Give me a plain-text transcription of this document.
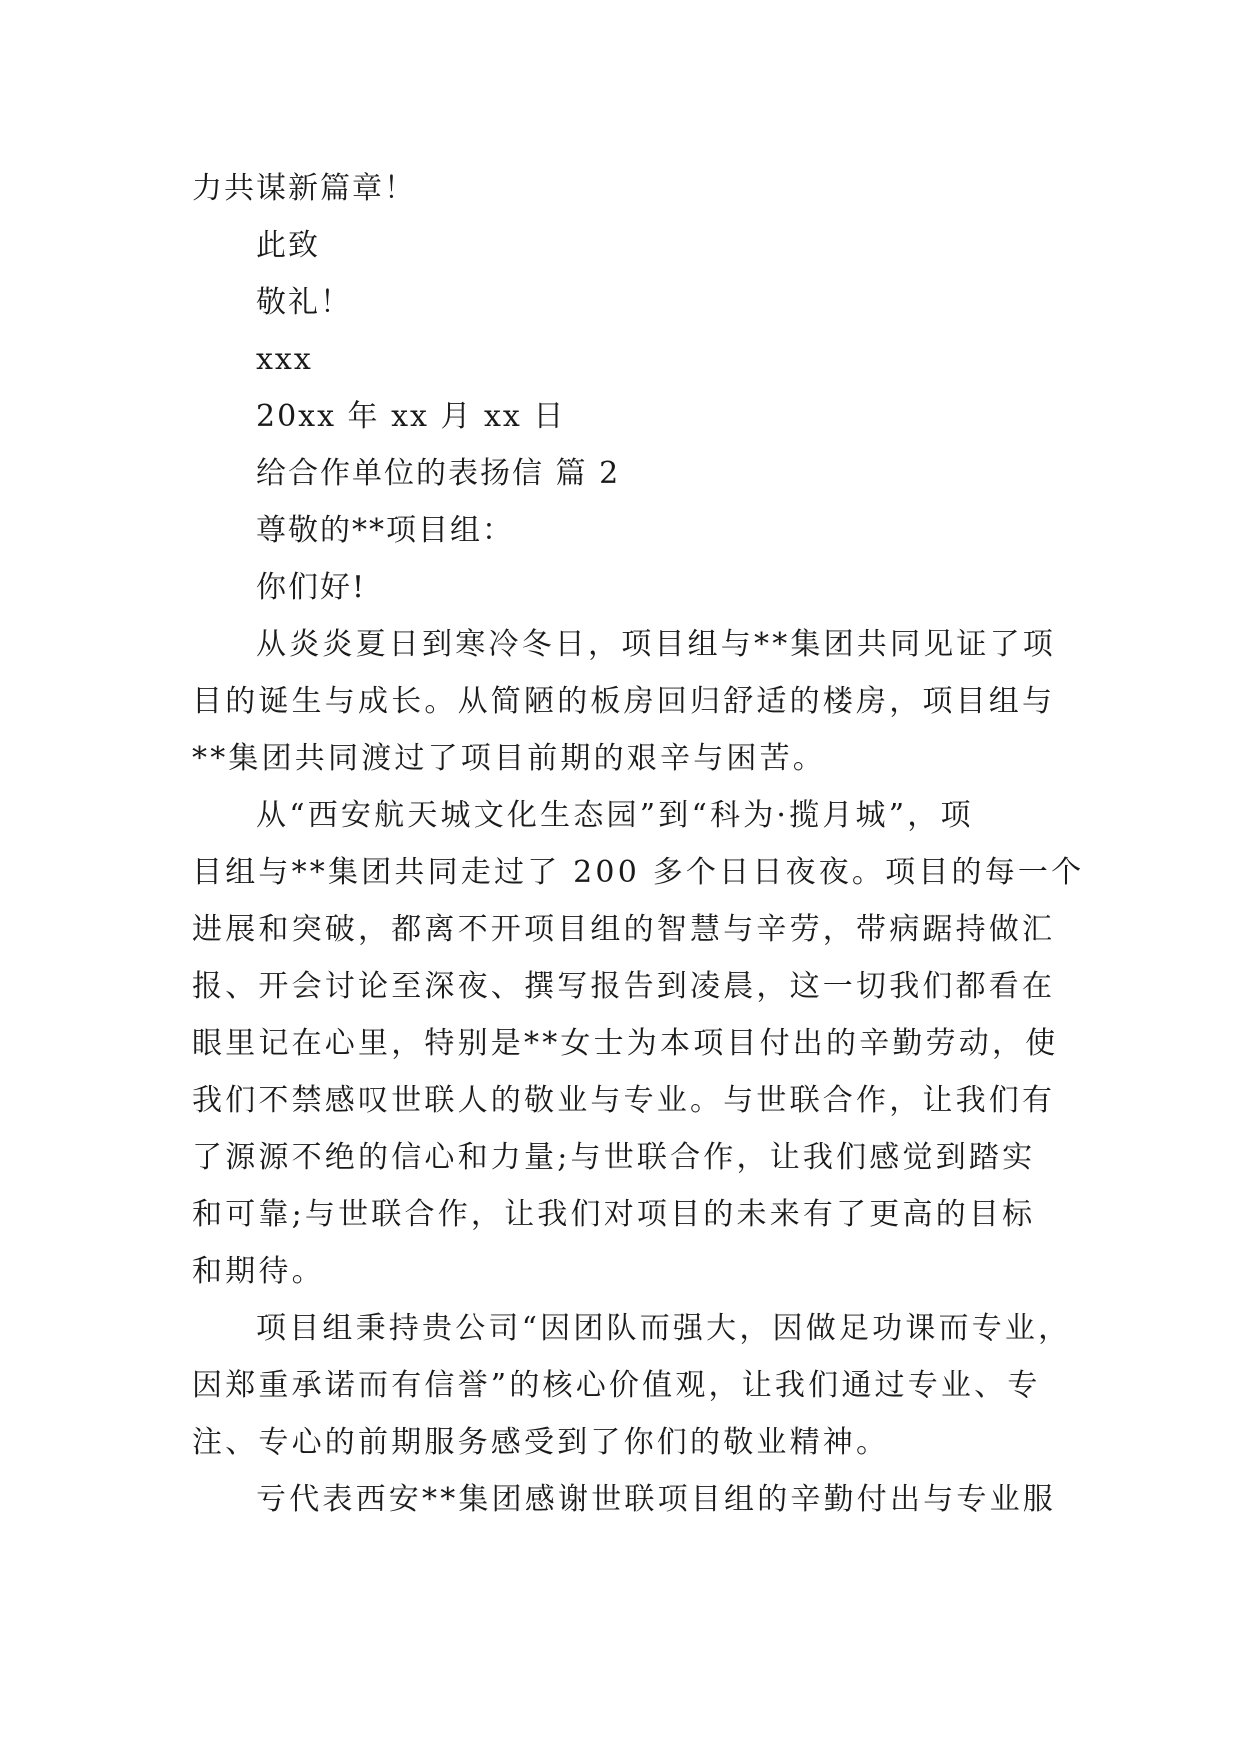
力共谋新篇章！
此致
敬礼！
xxx
20xx 年 xx 月 xx 日
给合作单位的表扬信 篇 2
尊敬的**项目组：
你们好!
从炎炎夏日到寒冷冬日，项目组与**集团共同见证了项
目的诞生与成长。从简陋的板房回归舒适的楼房，项目组与
**集团共同渡过了项目前期的艰辛与困苦。
从“西安航天城文化生态园”到“科为·揽月城”，项
目组与**集团共同走过了 200 多个日日夜夜。项目的每一个
进展和突破，都离不开项目组的智慧与辛劳，带病踞持做汇
报、开会讨论至深夜、撰写报告到凌晨，这一切我们都看在
眼里记在心里，特别是**女士为本项目付出的辛勤劳动，使
我们不禁感叹世联人的敬业与专业。与世联合作，让我们有
了源源不绝的信心和力量;与世联合作，让我们感觉到踏实
和可靠;与世联合作，让我们对项目的未来有了更高的目标
和期待。
项目组秉持贵公司“因团队而强大，因做足功课而专业，
因郑重承诺而有信誉”的核心价值观，让我们通过专业、专
注、专心的前期服务感受到了你们的敬业精神。
亏代表西安**集团感谢世联项目组的辛勤付出与专业服
